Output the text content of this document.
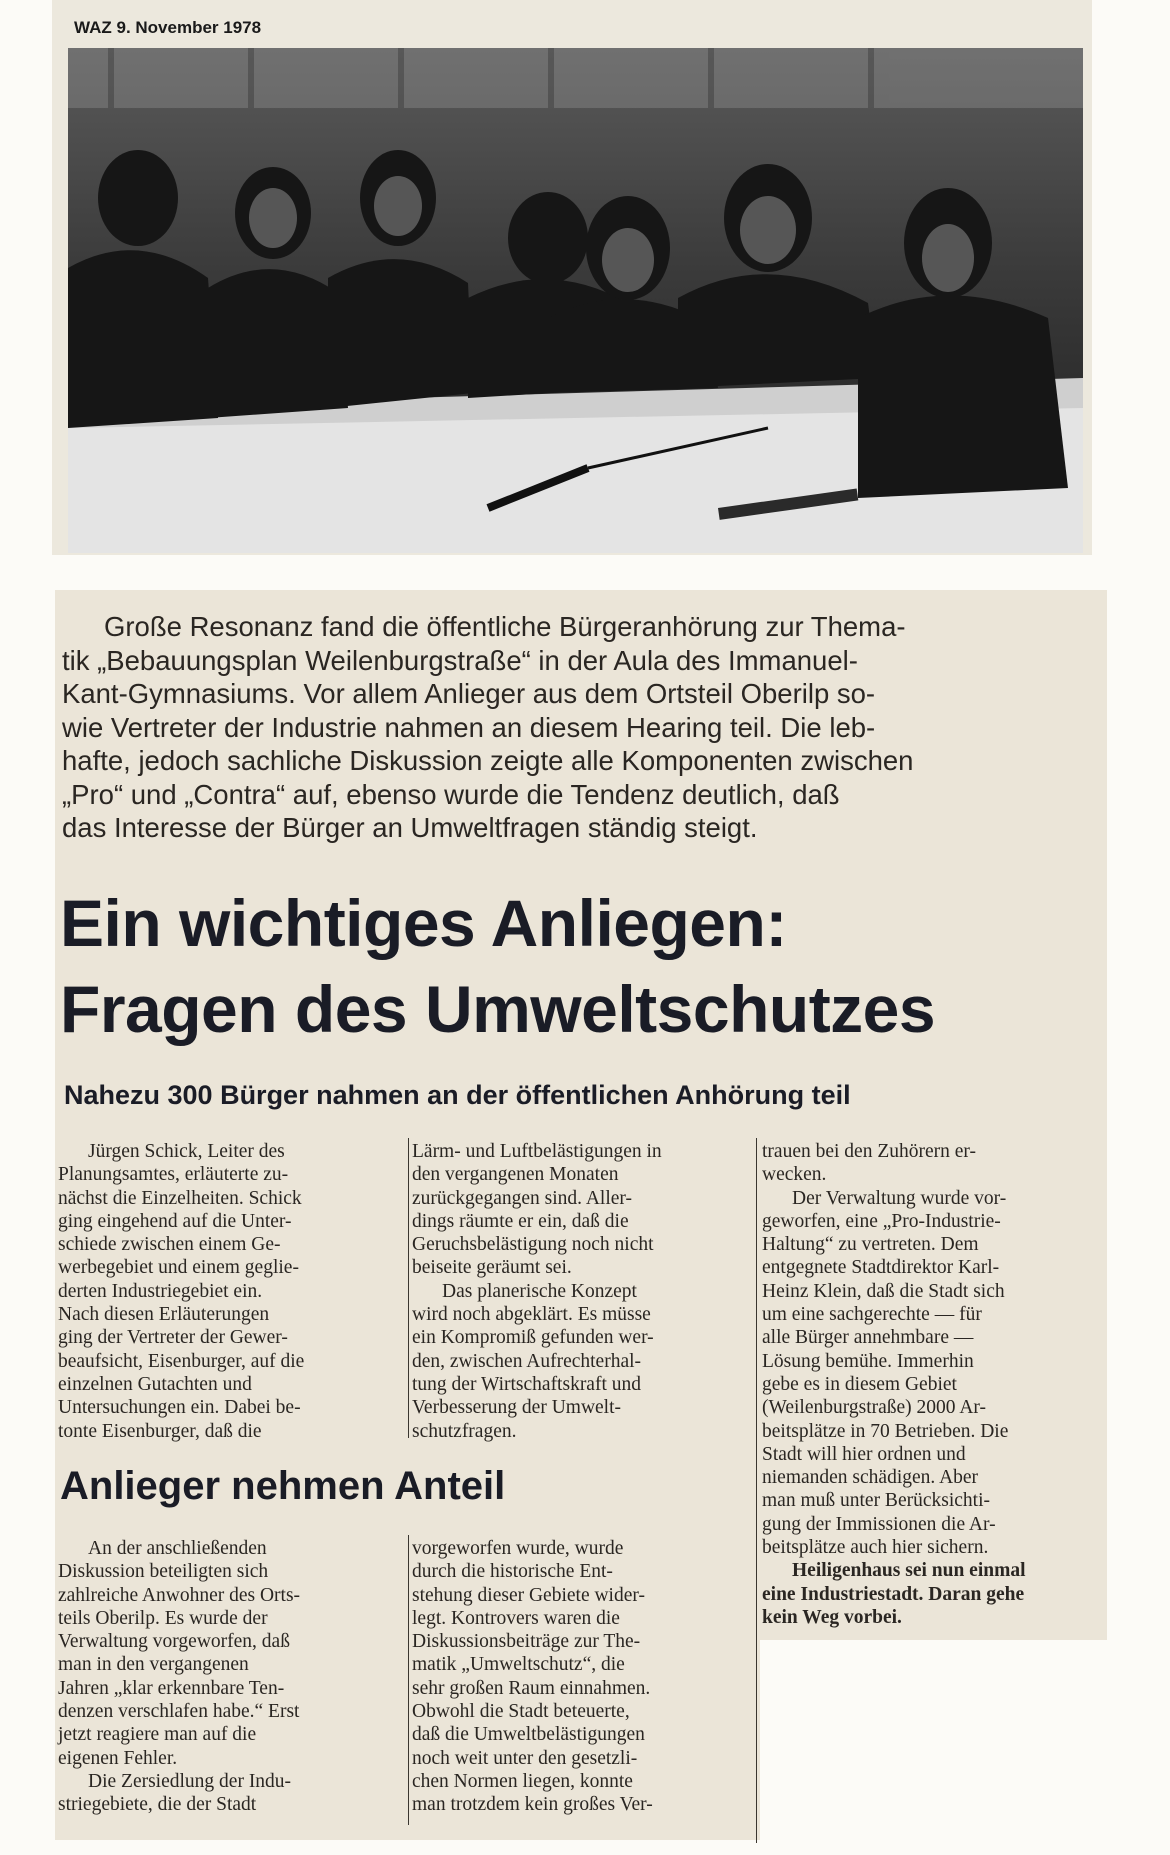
WAZ 9. November 1978

Große Resonanz fand die öffentliche Bürgeranhörung zur Thema-
tik „Bebauungsplan Weilenburgstraße“ in der Aula des Immanuel-
Kant-Gymnasiums. Vor allem Anlieger aus dem Ortsteil Oberilp so-
wie Vertreter der Industrie nahmen an diesem Hearing teil. Die leb-
hafte, jedoch sachliche Diskussion zeigte alle Komponenten zwischen
„Pro“ und „Contra“ auf, ebenso wurde die Tendenz deutlich, daß
das Interesse der Bürger an Umweltfragen ständig steigt.

Ein wichtiges Anliegen:
Fragen des Umweltschutzes
Nahezu 300 Bürger nahmen an der öffentlichen Anhörung teil

Jürgen Schick, Leiter des
Planungsamtes, erläuterte zu-
nächst die Einzelheiten. Schick
ging eingehend auf die Unter-
schiede zwischen einem Ge-
werbegebiet und einem geglie-
derten Industriegebiet ein.
Nach diesen Erläuterungen
ging der Vertreter der Gewer-
beaufsicht, Eisenburger, auf die
einzelnen Gutachten und
Untersuchungen ein. Dabei be-
tonte Eisenburger, daß die

Lärm- und Luftbelästigungen in
den vergangenen Monaten
zurückgegangen sind. Aller-
dings räumte er ein, daß die
Geruchsbelästigung noch nicht
beiseite geräumt sei.
Das planerische Konzept
wird noch abgeklärt. Es müsse
ein Kompromiß gefunden wer-
den, zwischen Aufrechterhal-
tung der Wirtschaftskraft und
Verbesserung der Umwelt-
schutzfragen.

trauen bei den Zuhörern er-
wecken.
Der Verwaltung wurde vor-
geworfen, eine „Pro-Industrie-
Haltung“ zu vertreten. Dem
entgegnete Stadtdirektor Karl-
Heinz Klein, daß die Stadt sich
um eine sachgerechte — für
alle Bürger annehmbare —
Lösung bemühe. Immerhin
gebe es in diesem Gebiet
(Weilenburgstraße) 2000 Ar-
beitsplätze in 70 Betrieben. Die
Stadt will hier ordnen und
niemanden schädigen. Aber
man muß unter Berücksichti-
gung der Immissionen die Ar-
beitsplätze auch hier sichern.

Heiligenhaus sei nun einmal
eine Industriestadt. Daran gehe
kein Weg vorbei.

Anlieger nehmen Anteil

An der anschließenden
Diskussion beteiligten sich
zahlreiche Anwohner des Orts-
teils Oberilp. Es wurde der
Verwaltung vorgeworfen, daß
man in den vergangenen
Jahren „klar erkennbare Ten-
denzen verschlafen habe.“ Erst
jetzt reagiere man auf die
eigenen Fehler.
Die Zersiedlung der Indu-
striegebiete, die der Stadt

vorgeworfen wurde, wurde
durch die historische Ent-
stehung dieser Gebiete wider-
legt. Kontrovers waren die
Diskussionsbeiträge zur The-
matik „Umweltschutz“, die
sehr großen Raum einnahmen.
Obwohl die Stadt beteuerte,
daß die Umweltbelästigungen
noch weit unter den gesetzli-
chen Normen liegen, konnte
man trotzdem kein großes Ver-
